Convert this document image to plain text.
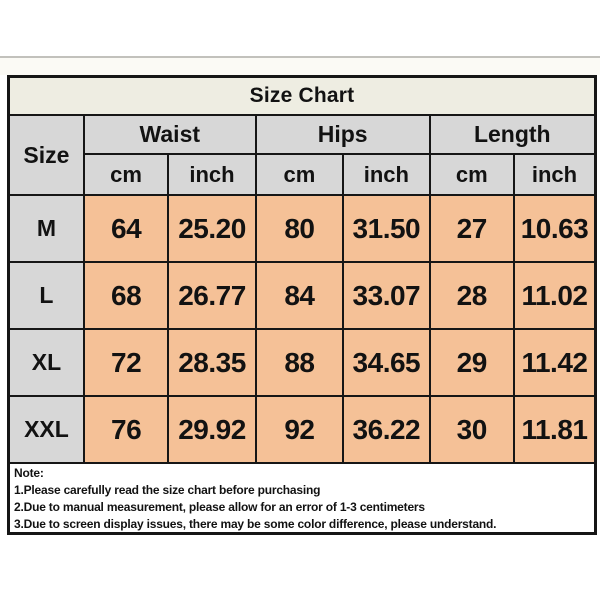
Size Chart						
Size	Waist		Hips		Length	
	cm	inch	cm	inch	cm	inch
M	64	25.20	80	31.50	27	10.63
L	68	26.77	84	33.07	28	11.02
XL	72	28.35	88	34.65	29	11.42
XXL	76	29.92	92	36.22	30	11.81
Note:
1.Please carefully read the size chart before purchasing
2.Due to manual measurement, please allow for an error of 1-3 centimeters
3.Due to screen display issues, there may be some color difference, please understand.
